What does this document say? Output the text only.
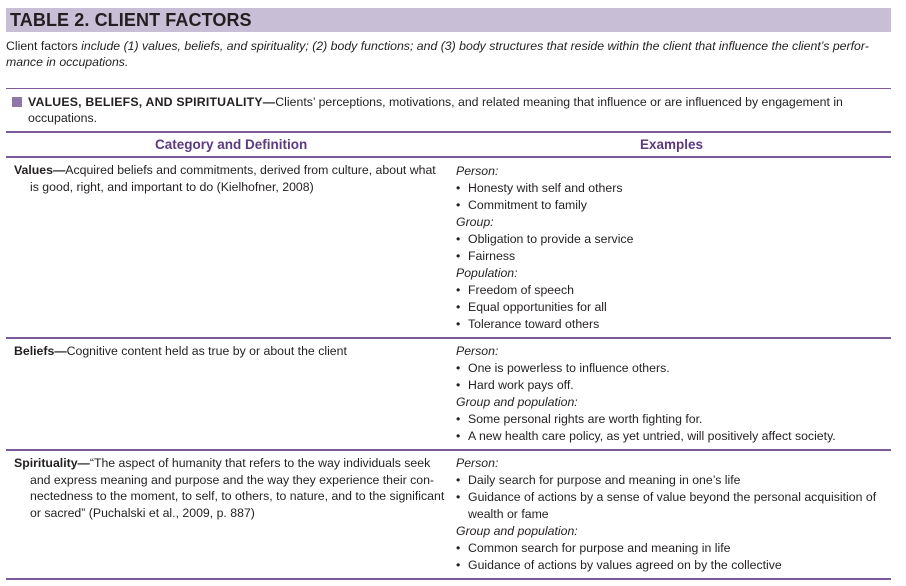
TABLE 2. CLIENT FACTORS
Client factors include (1) values, beliefs, and spirituality; (2) body functions; and (3) body structures that reside within the client that influence the client’s perfor-
mance in occupations.
VALUES, BELIEFS, AND SPIRITUALITY—Clients’ perceptions, motivations, and related meaning that influence or are influenced by engagement in
occupations.
Category and Definition	Examples
Values—Acquired beliefs and commitments, derived from culture, about what
is good, right, and important to do (Kielhofner, 2008)
Person:
• Honesty with self and others
• Commitment to family
Group:
• Obligation to provide a service
• Fairness
Population:
• Freedom of speech
• Equal opportunities for all
• Tolerance toward others
Beliefs—Cognitive content held as true by or about the client	Person:
• One is powerless to influence others.
• Hard work pays off.
Group and population:
• Some personal rights are worth fighting for.
• A new health care policy, as yet untried, will positively affect society.
Spirituality—“The aspect of humanity that refers to the way individuals seek
and express meaning and purpose and the way they experience their con-
nectedness to the moment, to self, to others, to nature, and to the significant
or sacred” (Puchalski et al., 2009, p. 887)
Person:
• Daily search for purpose and meaning in one’s life
• Guidance of actions by a sense of value beyond the personal acquisition of wealth or fame
Group and population:
• Common search for purpose and meaning in life
• Guidance of actions by values agreed on by the collective
